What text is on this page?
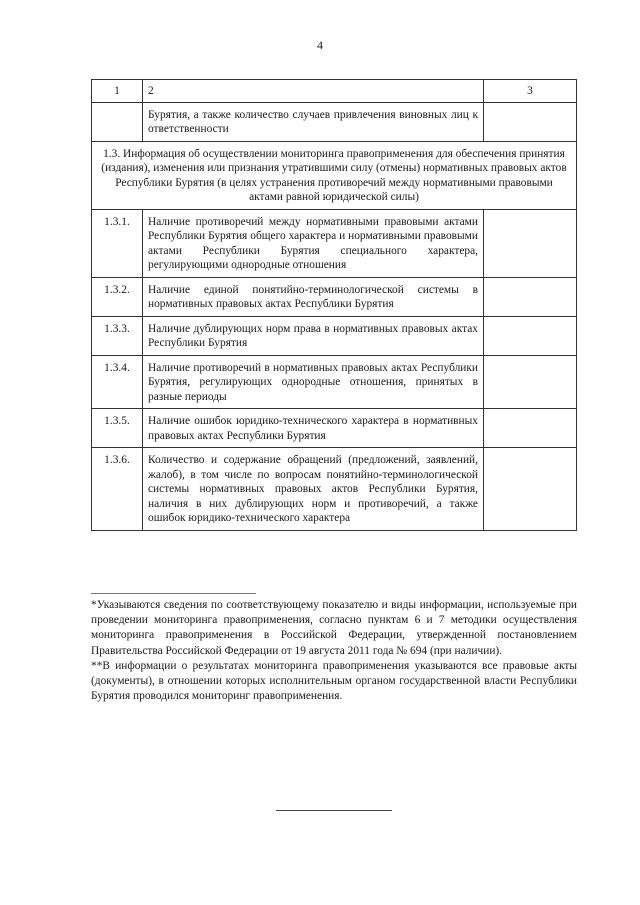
4
1	2	3
	Бурятия, а также количество случаев привлечения виновных лиц к ответственности	
1.3. Информация об осуществлении мониторинга правоприменения для обеспечения принятия (издания), изменения или признания утратившими силу (отмены) нормативных правовых актов Республики Бурятия (в целях устранения противоречий между нормативными правовыми актами равной юридической силы)		
1.3.1.	Наличие противоречий между нормативными правовыми актами Республики Бурятия общего характера и нормативными правовыми актами Республики Бурятия специального характера, регулирующими однородные отношения	
1.3.2.	Наличие единой понятийно-терминологической системы в нормативных правовых актах Республики Бурятия	
1.3.3.	Наличие дублирующих норм права в нормативных правовых актах Республики Бурятия	
1.3.4.	Наличие противоречий в нормативных правовых актах Республики Бурятия, регулирующих однородные отношения, принятых в разные периоды	
1.3.5.	Наличие ошибок юридико-технического характера в нормативных правовых актах Республики Бурятия	
1.3.6.	Количество и содержание обращений (предложений, заявлений, жалоб), в том числе по вопросам понятийно-терминологической системы нормативных правовых актов Республики Бурятия, наличия в них дублирующих норм и противоречий, а также ошибок юридико-технического характера	

*Указываются сведения по соответствующему показателю и виды информации, используемые при проведении мониторинга правоприменения, согласно пунктам 6 и 7 методики осуществления мониторинга правоприменения в Российской Федерации, утвержденной постановлением Правительства Российской Федерации от 19 августа 2011 года № 694 (при наличии).

**В информации о результатах мониторинга правоприменения указываются все правовые акты (документы), в отношении которых исполнительным органом государственной власти Республики Бурятия проводился мониторинг правоприменения.
